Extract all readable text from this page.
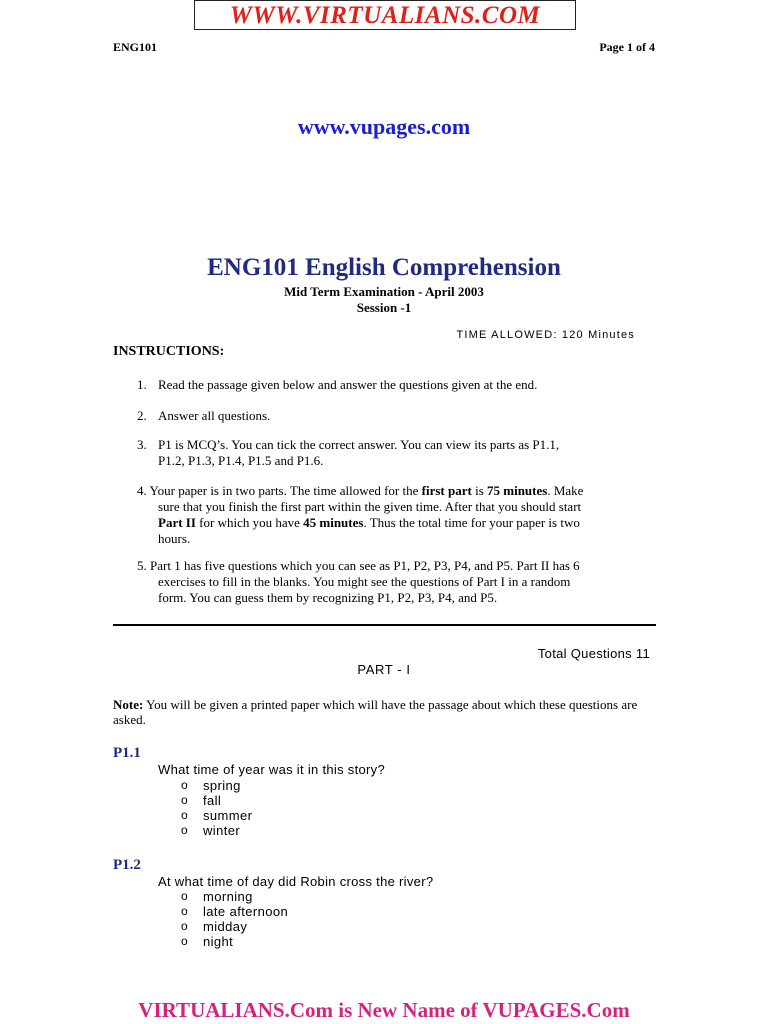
WWW.VIRTUALIANS.COM
ENG101	Page 1 of 4
www.vupages.com
ENG101 English Comprehension
Mid Term Examination - April 2003
Session -1
TIME ALLOWED: 120 Minutes
INSTRUCTIONS:
1. Read the passage given below and answer the questions given at the end.
2. Answer all questions.
3. P1 is MCQ’s. You can tick the correct answer. You can view its parts as P1.1,
P1.2, P1.3, P1.4, P1.5 and P1.6.
4. Your paper is in two parts. The time allowed for the first part is 75 minutes. Make
sure that you finish the first part within the given time. After that you should start
Part II for which you have 45 minutes. Thus the total time for your paper is two
hours.
5. Part 1 has five questions which you can see as P1, P2, P3, P4, and P5. Part II has 6
exercises to fill in the blanks. You might see the questions of Part I in a random
form. You can guess them by recognizing P1, P2, P3, P4, and P5.
Total Questions 11
PART - I
Note: You will be given a printed paper which will have the passage about which these questions are asked.
P1.1
What time of year was it in this story?
o spring
o fall
o summer
o winter
P1.2
At what time of day did Robin cross the river?
o morning
o late afternoon
o midday
o night
VIRTUALIANS.Com is New Name of VUPAGES.Com
